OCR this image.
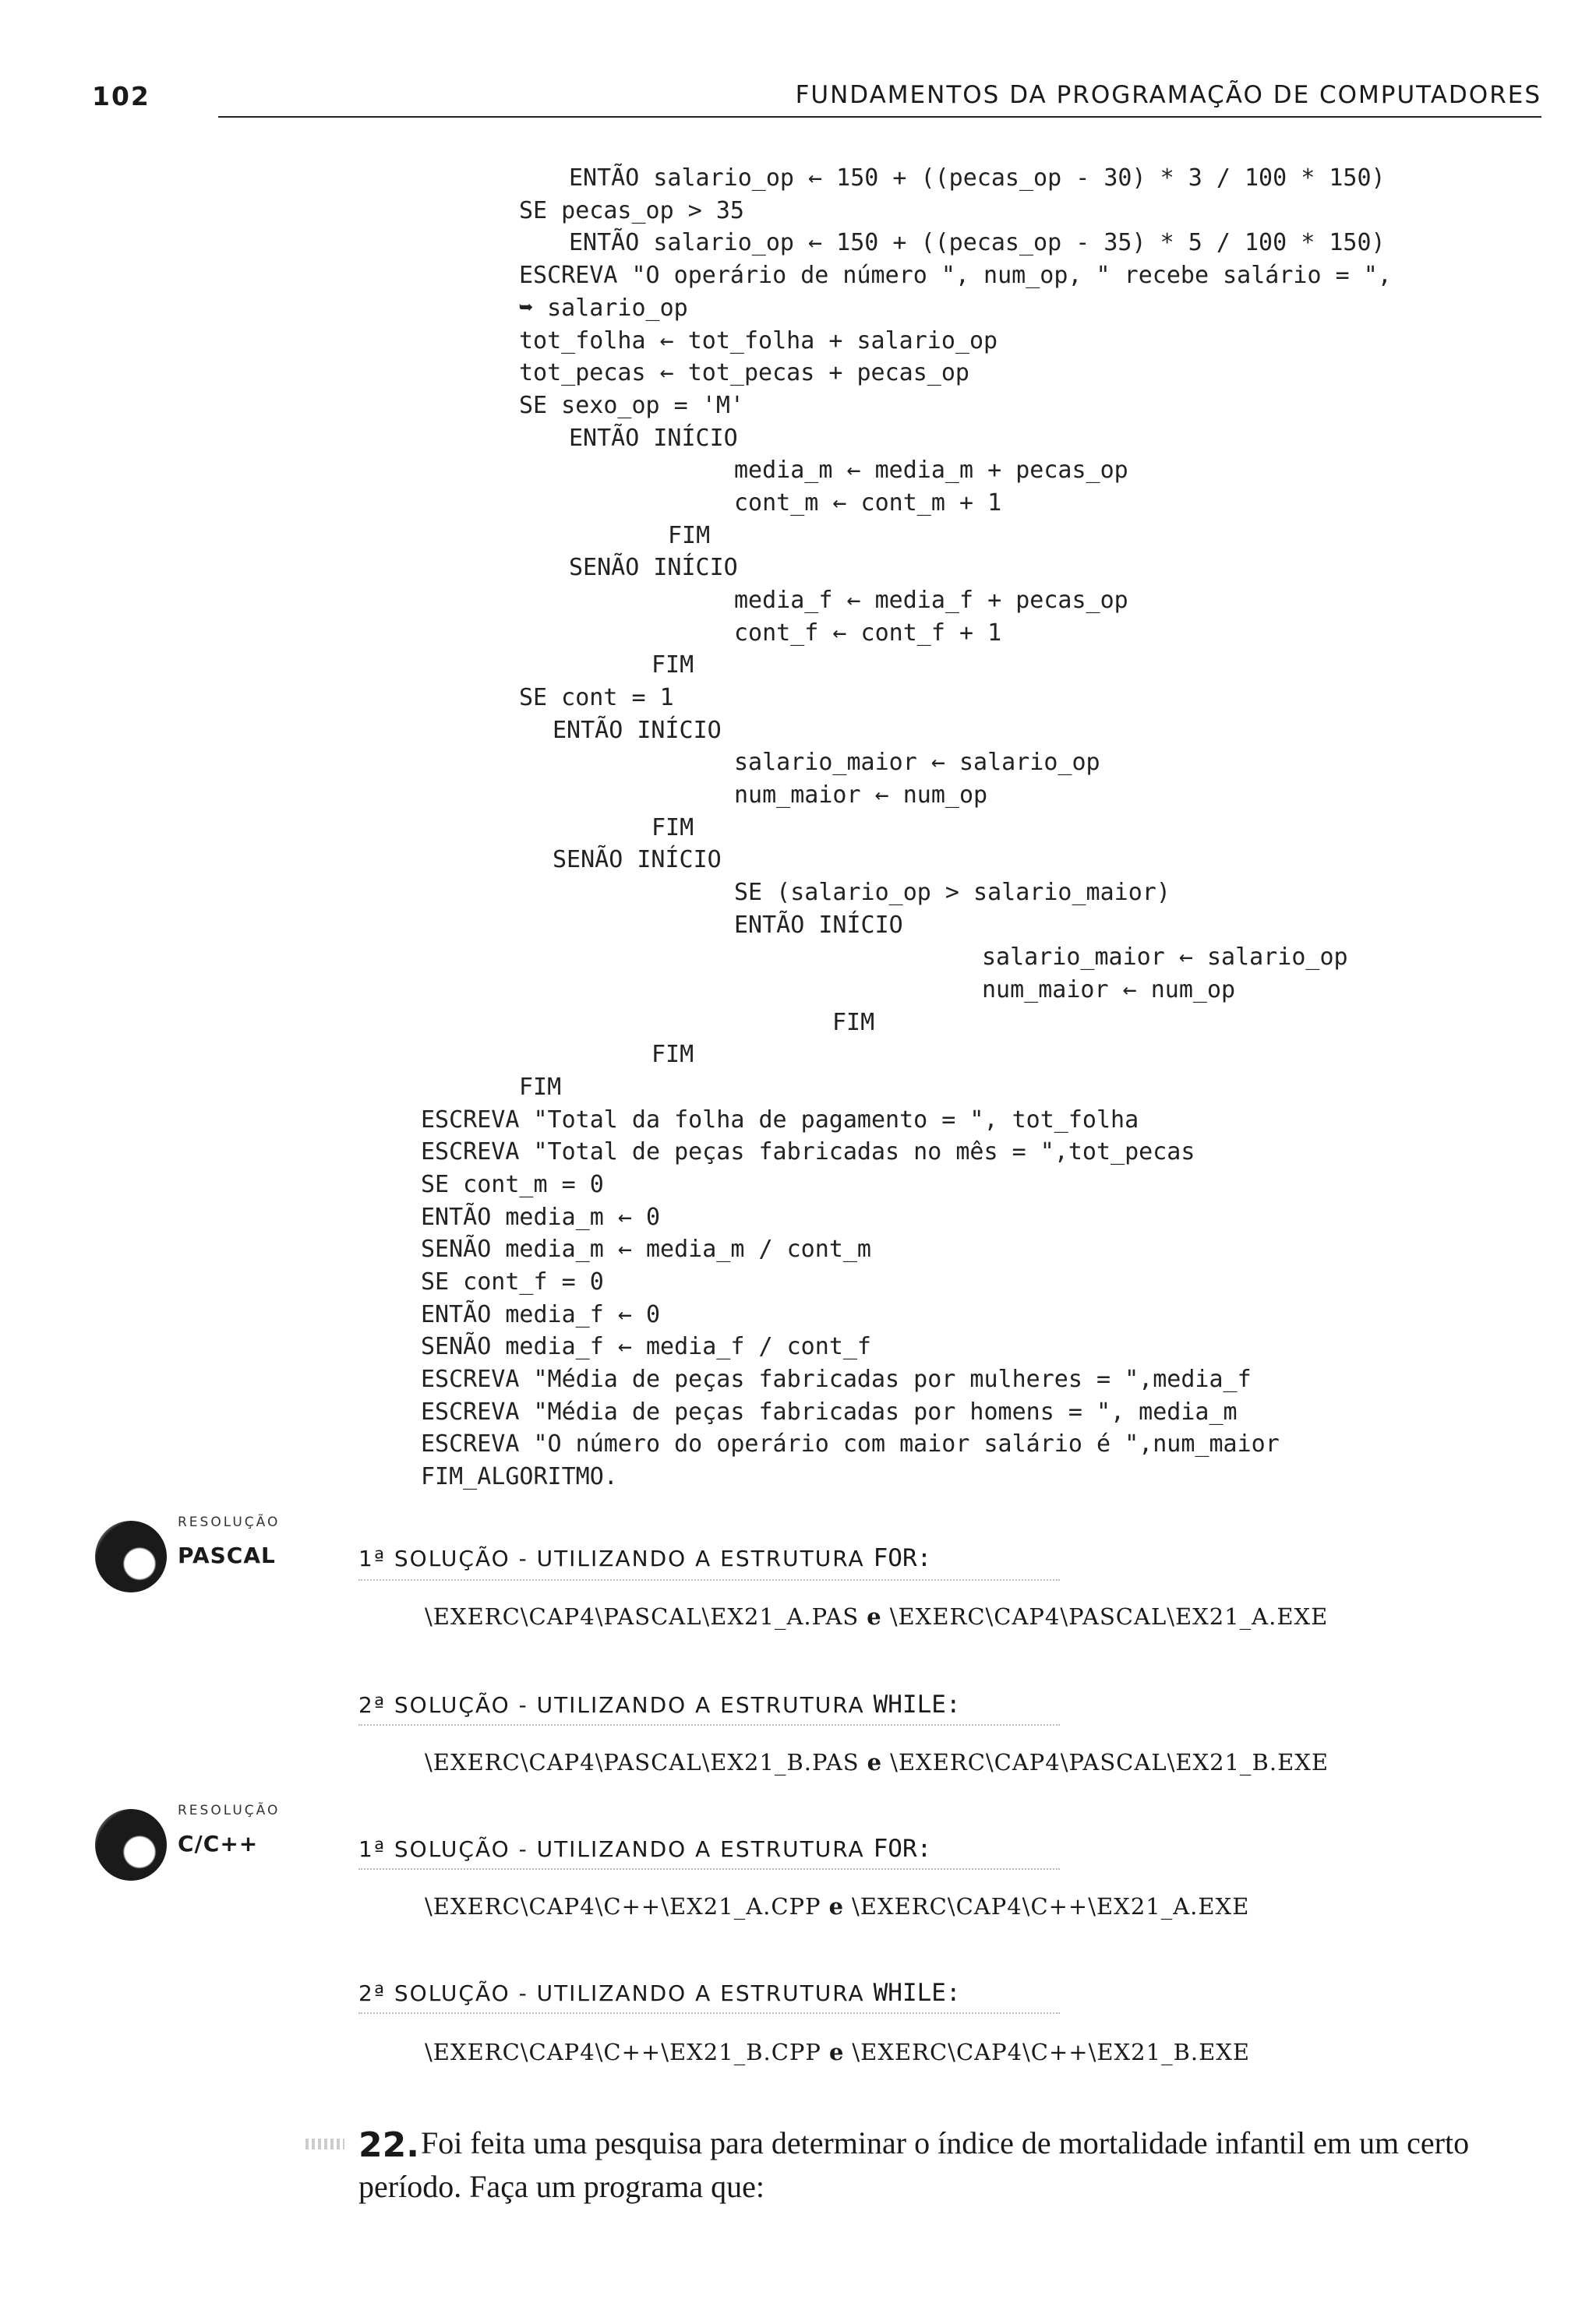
102	FUNDAMENTOS DA PROGRAMAÇÃO DE COMPUTADORES
ENTÃO salario_op ← 150 + ((pecas_op - 30) * 3 / 100 * 150)
SE pecas_op > 35
ENTÃO salario_op ← 150 + ((pecas_op - 35) * 5 / 100 * 150)
ESCREVA "O operário de número ", num_op, " recebe salário = ",
➥ salario_op
tot_folha ← tot_folha + salario_op
tot_pecas ← tot_pecas + pecas_op
SE sexo_op = 'M'
ENTÃO INÍCIO
media_m ← media_m + pecas_op
cont_m ← cont_m + 1
FIM
SENÃO INÍCIO
media_f ← media_f + pecas_op
cont_f ← cont_f + 1
FIM
SE cont = 1
ENTÃO INÍCIO
salario_maior ← salario_op
num_maior ← num_op
FIM
SENÃO INÍCIO
SE (salario_op > salario_maior)
ENTÃO INÍCIO
salario_maior ← salario_op
num_maior ← num_op
FIM
FIM
FIM
ESCREVA "Total da folha de pagamento = ", tot_folha
ESCREVA "Total de peças fabricadas no mês = ",tot_pecas
SE cont_m = 0
ENTÃO media_m ← 0
SENÃO media_m ← media_m / cont_m
SE cont_f = 0
ENTÃO media_f ← 0
SENÃO media_f ← media_f / cont_f
ESCREVA "Média de peças fabricadas por mulheres = ",media_f
ESCREVA "Média de peças fabricadas por homens = ", media_m
ESCREVA "O número do operário com maior salário é ",num_maior
FIM_ALGORITMO.
RESOLUÇÃO
PASCAL	1ª SOLUÇÃO - UTILIZANDO A ESTRUTURA FOR:
\EXERC\CAP4\PASCAL\EX21_A.PAS e \EXERC\CAP4\PASCAL\EX21_A.EXE
2ª SOLUÇÃO - UTILIZANDO A ESTRUTURA WHILE:
\EXERC\CAP4\PASCAL\EX21_B.PAS e \EXERC\CAP4\PASCAL\EX21_B.EXE
RESOLUÇÃO
C/C++	1ª SOLUÇÃO - UTILIZANDO A ESTRUTURA FOR:
\EXERC\CAP4\C++\EX21_A.CPP e \EXERC\CAP4\C++\EX21_A.EXE
2ª SOLUÇÃO - UTILIZANDO A ESTRUTURA WHILE:
\EXERC\CAP4\C++\EX21_B.CPP e \EXERC\CAP4\C++\EX21_B.EXE
22. Foi feita uma pesquisa para determinar o índice de mortalidade infantil em um certo
período. Faça um programa que:
